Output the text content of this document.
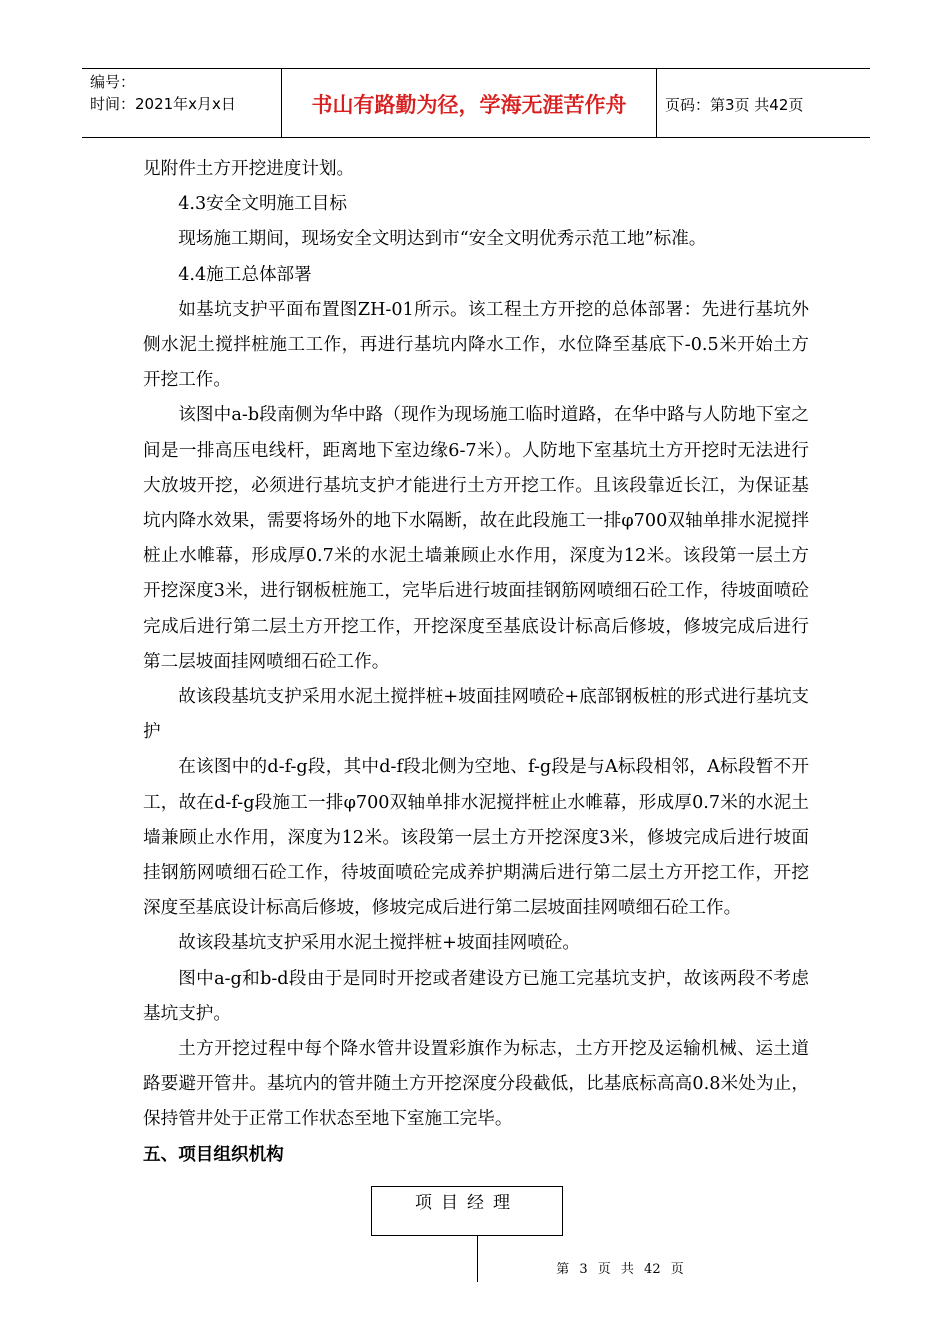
编号：
时间：2021年x月x日	书山有路勤为径，学海无涯苦作舟	页码：第3页 共42页

见附件土方开挖进度计划。

4.3安全文明施工目标

现场施工期间，现场安全文明达到市“安全文明优秀示范工地”标准。

4.4施工总体部署

如基坑支护平面布置图ZH-01所示。该工程土方开挖的总体部署：先进行基坑外侧水泥土搅拌桩施工工作，再进行基坑内降水工作，水位降至基底下-0.5米开始土方开挖工作。

该图中a-b段南侧为华中路（现作为现场施工临时道路，在华中路与人防地下室之间是一排高压电线杆，距离地下室边缘6-7米）。人防地下室基坑土方开挖时无法进行大放坡开挖，必须进行基坑支护才能进行土方开挖工作。且该段靠近长江，为保证基坑内降水效果，需要将场外的地下水隔断，故在此段施工一排φ700双轴单排水泥搅拌桩止水帷幕，形成厚0.7米的水泥土墙兼顾止水作用，深度为12米。该段第一层土方开挖深度3米，进行钢板桩施工，完毕后进行坡面挂钢筋网喷细石砼工作，待坡面喷砼完成后进行第二层土方开挖工作，开挖深度至基底设计标高后修坡，修坡完成后进行第二层坡面挂网喷细石砼工作。

故该段基坑支护采用水泥土搅拌桩+坡面挂网喷砼+底部钢板桩的形式进行基坑支护

在该图中的d-f-g段，其中d-f段北侧为空地、f-g段是与A标段相邻，A标段暂不开工，故在d-f-g段施工一排φ700双轴单排水泥搅拌桩止水帷幕，形成厚0.7米的水泥土墙兼顾止水作用，深度为12米。该段第一层土方开挖深度3米，修坡完成后进行坡面挂钢筋网喷细石砼工作，待坡面喷砼完成养护期满后进行第二层土方开挖工作，开挖深度至基底设计标高后修坡，修坡完成后进行第二层坡面挂网喷细石砼工作。

故该段基坑支护采用水泥土搅拌桩+坡面挂网喷砼。

图中a-g和b-d段由于是同时开挖或者建设方已施工完基坑支护，故该两段不考虑基坑支护。

土方开挖过程中每个降水管井设置彩旗作为标志，土方开挖及运输机械、运土道路要避开管井。基坑内的管井随土方开挖深度分段截低，比基底标高高0.8米处为止，保持管井处于正常工作状态至地下室施工完毕。

五、项目组织机构

项目经理
第 3 页 共 42 页
